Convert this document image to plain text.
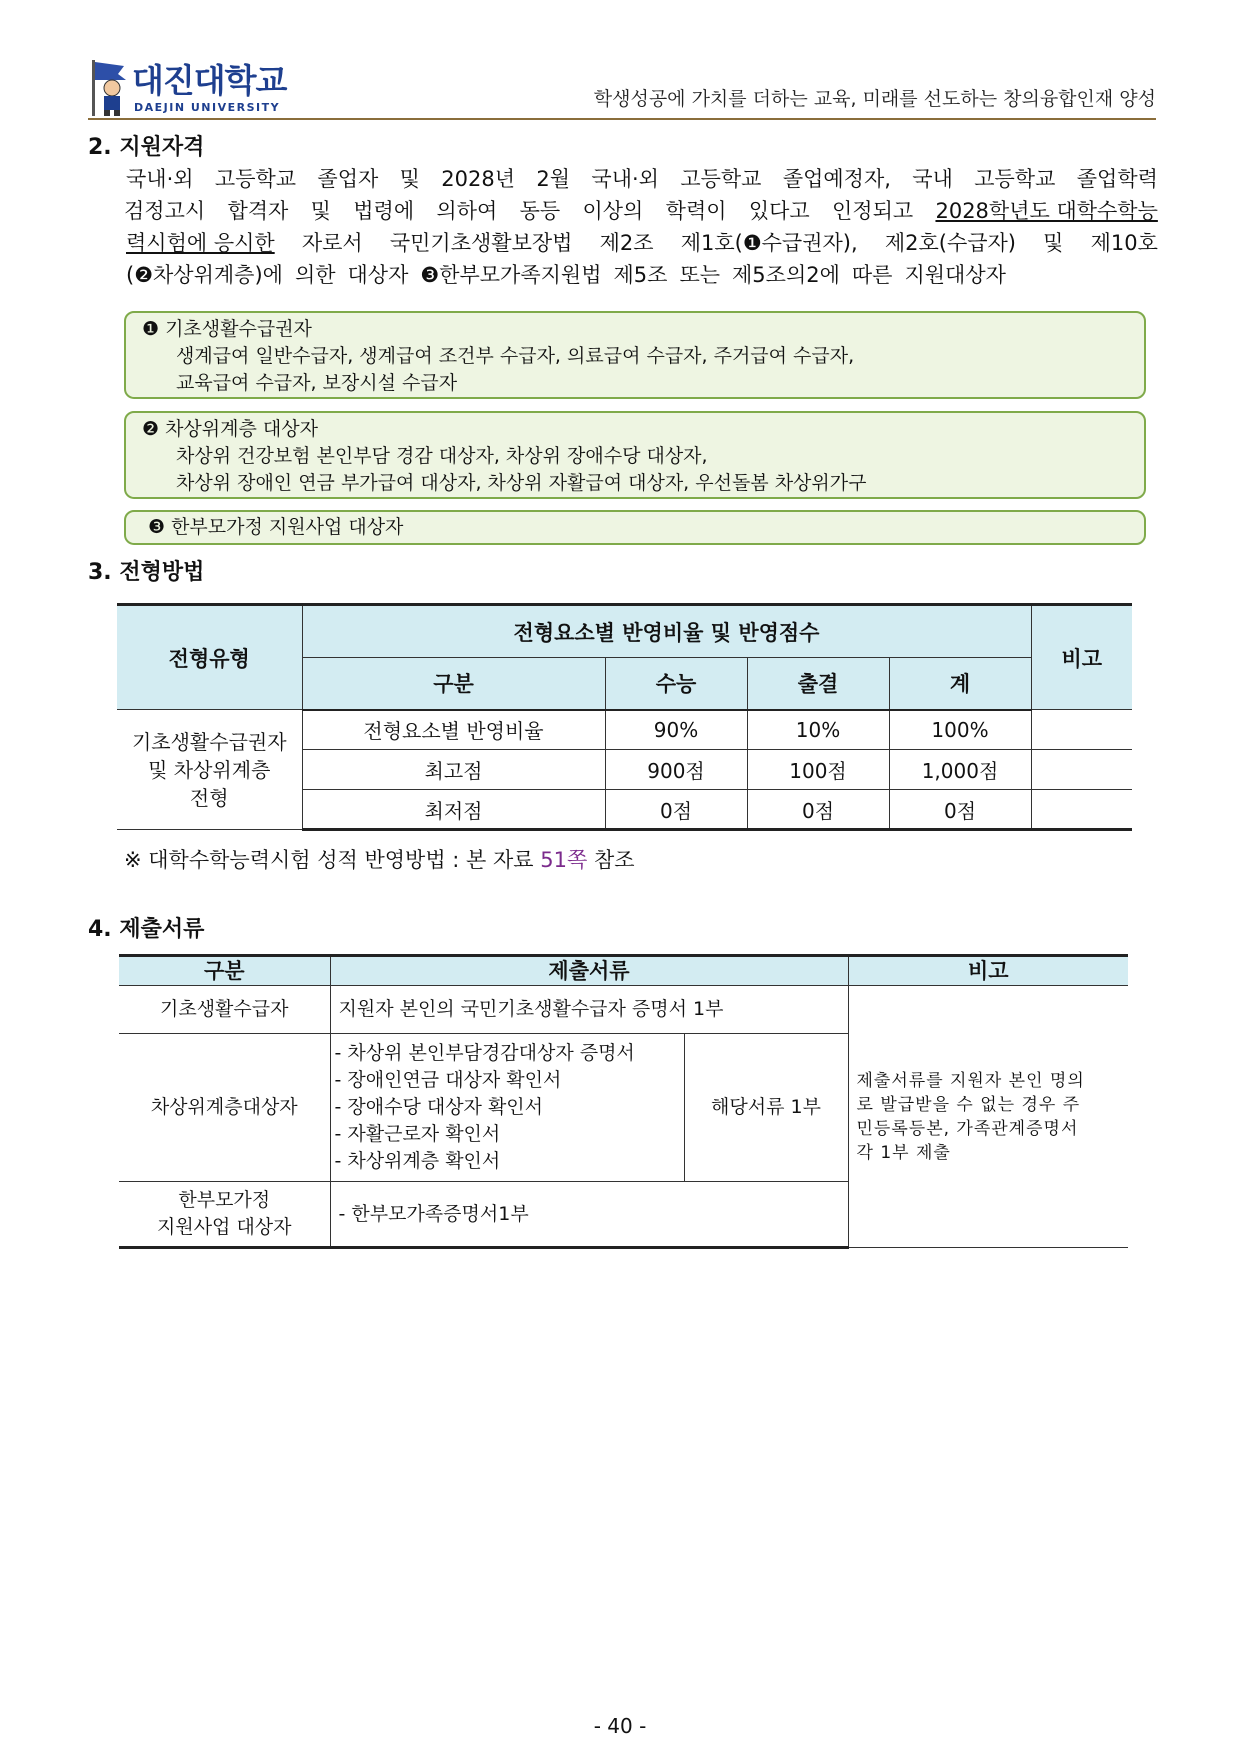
대진대학교
DAEJIN UNIVERSITY	학생성공에 가치를 더하는 교육, 미래를 선도하는 창의융합인재 양성
2. 지원자격
국내·외 고등학교 졸업자 및 2028년 2월 국내·외 고등학교 졸업예정자, 국내 고등학교 졸업학력
검정고시 합격자 및 법령에 의하여 동등 이상의 학력이 있다고 인정되고 2028학년도 대학수학능
력시험에 응시한 자로서 국민기초생활보장법 제2조 제1호(❶수급권자), 제2호(수급자) 및 제10호
(❷차상위계층)에 의한 대상자 ❸한부모가족지원법 제5조 또는 제5조의2에 따른 지원대상자
❶ 기초생활수급권자
생계급여 일반수급자, 생계급여 조건부 수급자, 의료급여 수급자, 주거급여 수급자,
교육급여 수급자, 보장시설 수급자
❷ 차상위계층 대상자
차상위 건강보험 본인부담 경감 대상자, 차상위 장애수당 대상자,
차상위 장애인 연금 부가급여 대상자, 차상위 자활급여 대상자, 우선돌봄 차상위가구
❸ 한부모가정 지원사업 대상자
3. 전형방법
전형유형	전형요소별 반영비율 및 반영점수				비고
	구분	수능	출결	계	

기초생활수급권자
및 차상위계층
전형	전형요소별 반영비율	90%	10%	100%	
	최고점	900점	100점	1,000점	
	최저점	0점	0점	0점	
※ 대학수학능력시험 성적 반영방법 : 본 자료 51쪽 참조
4. 제출서류
구분	제출서류		비고
기초생활수급자	지원자 본인의 국민기초생활수급자 증명서 1부		제출서류를 지원자 본인 명의
로 발급받을 수 없는 경우 주
민등록등본, 가족관계증명서
각 1부 제출

차상위계층대상자	- 차상위 본인부담경감대상자 증명서
- 장애인연금 대상자 확인서
- 장애수당 대상자 확인서
- 자활근로자 확인서
- 차상위계층 확인서	해당서류 1부	

한부모가정
지원사업 대상자	- 한부모가족증명서1부		
- 40 -
